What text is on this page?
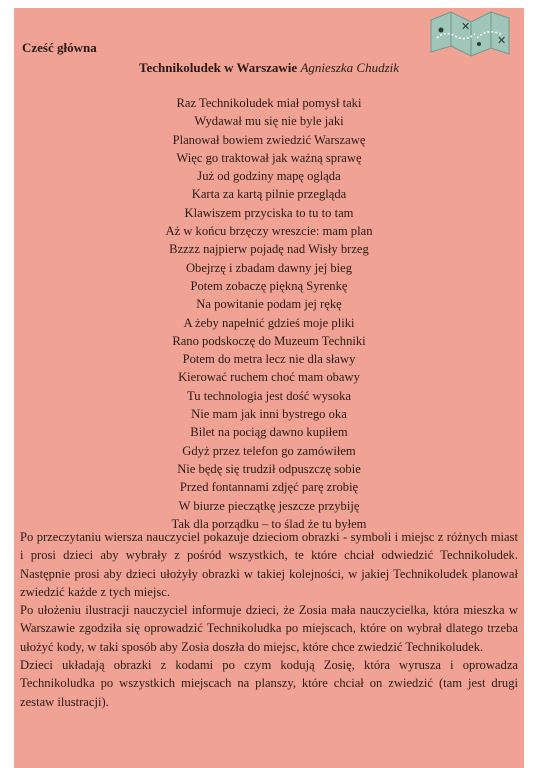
✕
✕
Cześć główna
Technikoludek w Warszawie Agnieszka Chudzik
Raz Technikoludek miał pomysł taki
Wydawał mu się nie byle jaki
Planował bowiem zwiedzić Warszawę
Więc go traktował jak ważną sprawę
Już od godziny mapę ogląda
Karta za kartą pilnie przegląda
Klawiszem przyciska to tu to tam
Aż w końcu brzęczy wreszcie: mam plan
Bzzzz najpierw pojadę nad Wisły brzeg
Obejrzę i zbadam dawny jej bieg
Potem zobaczę piękną Syrenkę
Na powitanie podam jej rękę
A żeby napełnić gdzieś moje pliki
Rano podskoczę do Muzeum Techniki
Potem do metra lecz nie dla sławy
Kierować ruchem choć mam obawy
Tu technologia jest dość wysoka
Nie mam jak inni bystrego oka
Bilet na pociąg dawno kupiłem
Gdyż przez telefon go zamówiłem
Nie będę się trudził odpuszczę sobie
Przed fontannami zdjęć parę zrobię
W biurze pieczątkę jeszcze przybiję
Tak dla porządku – to ślad że tu byłem

Po przeczytaniu wiersza nauczyciel pokazuje dzieciom obrazki - symboli i miejsc z różnych miast i prosi dzieci aby wybrały z pośród wszystkich, te które chciał odwiedzić Technikoludek. Następnie prosi aby dzieci ułożyły obrazki w takiej kolejności, w jakiej Technikoludek planował zwiedzić każde z tych miejsc.

Po ułożeniu ilustracji nauczyciel informuje dzieci, że Zosia mała nauczycielka, która mieszka w Warszawie zgodziła się oprowadzić Technikoludka po miejscach, które on wybrał dlatego trzeba ułożyć kody, w taki sposób aby Zosia doszła do miejsc, które chce zwiedzić Technikoludek.

Dzieci układają obrazki z kodami po czym kodują Zosię, która wyrusza i oprowadza Technikoludka po wszystkich miejscach na planszy, które chciał on zwiedzić (tam jest drugi zestaw ilustracji).
